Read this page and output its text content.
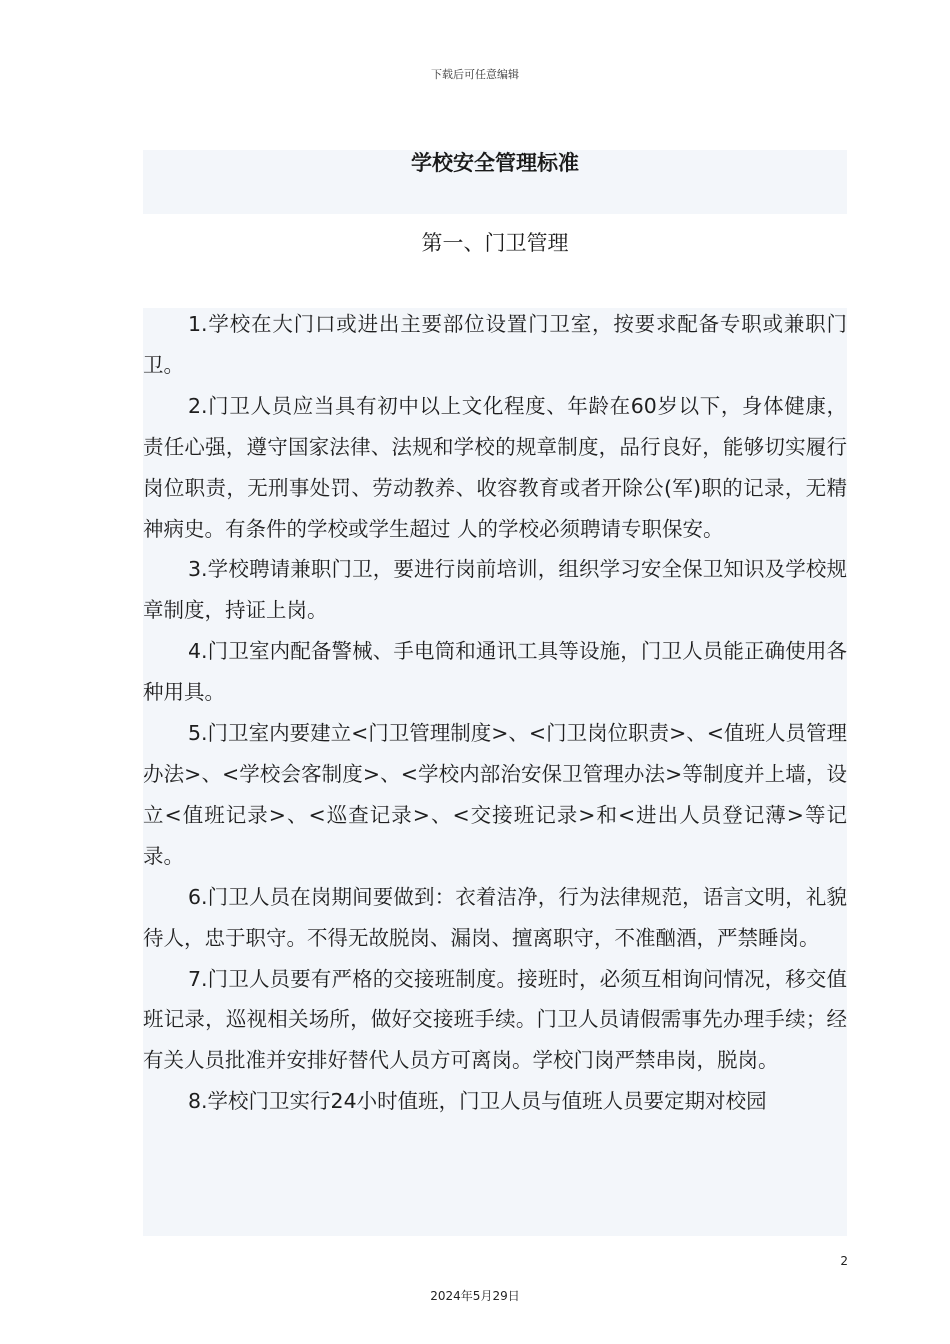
下载后可任意编辑
学校安全管理标准
第一、门卫管理

1.学校在大门口或进出主要部位设置门卫室，按要求配备专职或兼职门卫。

2.门卫人员应当具有初中以上文化程度、年龄在60岁以下，身体健康，责任心强，遵守国家法律、法规和学校的规章制度，品行良好，能够切实履行岗位职责，无刑事处罚、劳动教养、收容教育或者开除公(军)职的记录，无精神病史。有条件的学校或学生超过 人的学校必须聘请专职保安。

3.学校聘请兼职门卫，要进行岗前培训，组织学习安全保卫知识及学校规章制度，持证上岗。

4.门卫室内配备警械、手电筒和通讯工具等设施，门卫人员能正确使用各种用具。

5.门卫室内要建立<门卫管理制度>、<门卫岗位职责>、<值班人员管理办法>、<学校会客制度>、<学校内部治安保卫管理办法>等制度并上墙，设立<值班记录>、<巡查记录>、<交接班记录>和<进出人员登记薄>等记录。

6.门卫人员在岗期间要做到：衣着洁净，行为法律规范，语言文明，礼貌待人，忠于职守。不得无故脱岗、漏岗、擅离职守，不准酗酒，严禁睡岗。

7.门卫人员要有严格的交接班制度。接班时，必须互相询问情况，移交值班记录，巡视相关场所，做好交接班手续。门卫人员请假需事先办理手续；经有关人员批准并安排好替代人员方可离岗。学校门岗严禁串岗，脱岗。

8.学校门卫实行24小时值班，门卫人员与值班人员要定期对校园

2
2024年5月29日
